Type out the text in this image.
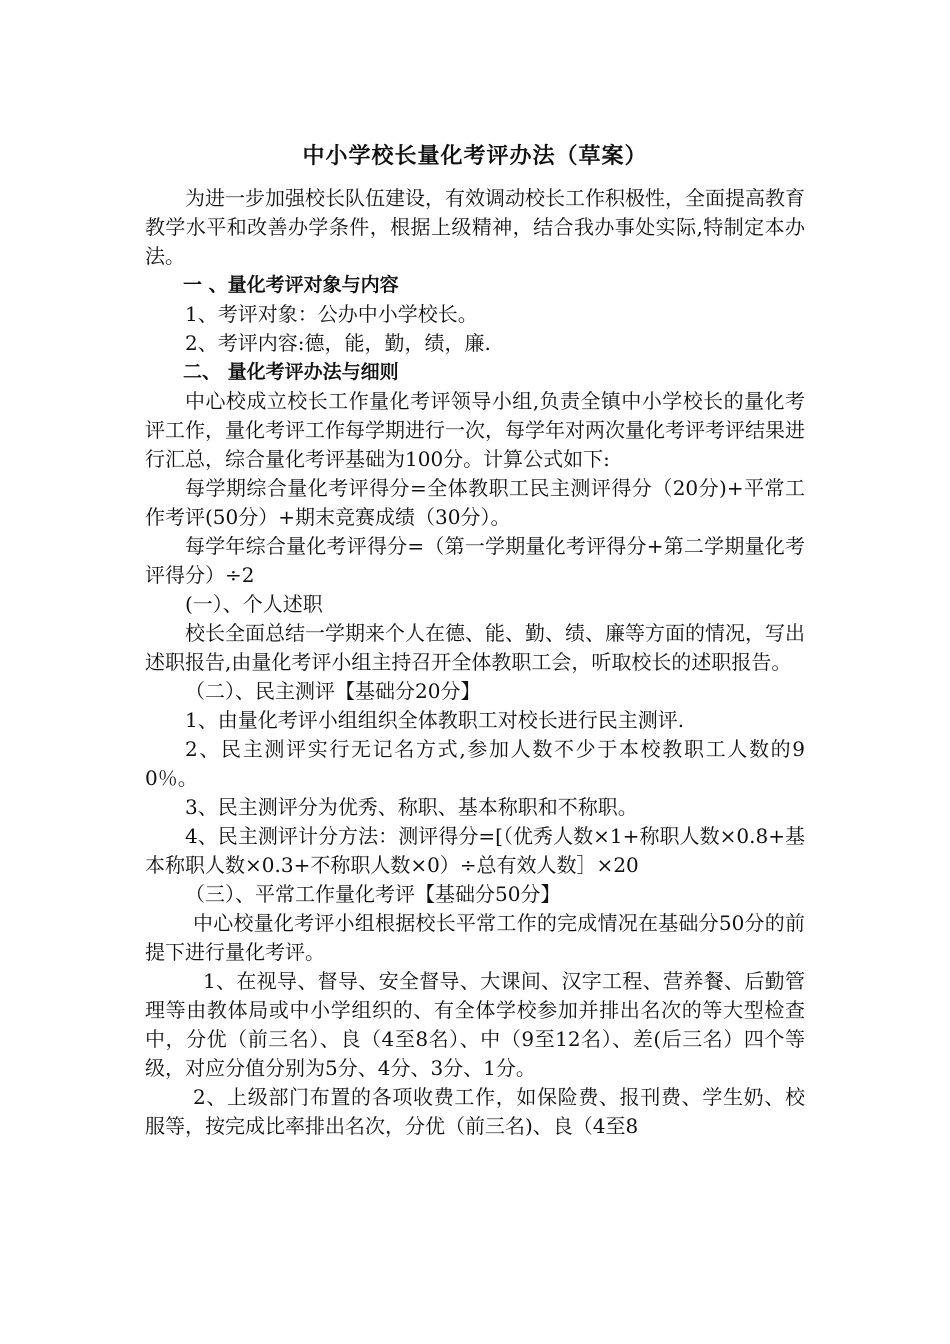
中小学校长量化考评办法（草案）

为进一步加强校长队伍建设，有效调动校长工作积极性，全面提高教育教学水平和改善办学条件，根据上级精神，结合我办事处实际,特制定本办法。

一 、量化考评对象与内容

1、考评对象：公办中小学校长。

2、考评内容:德，能，勤，绩，廉.

二、 量化考评办法与细则

中心校成立校长工作量化考评领导小组,负责全镇中小学校长的量化考评工作，量化考评工作每学期进行一次，每学年对两次量化考评考评结果进行汇总，综合量化考评基础为100分。计算公式如下:

每学期综合量化考评得分=全体教职工民主测评得分（20分)+平常工作考评(50分）+期末竞赛成绩（30分）。

每学年综合量化考评得分=（第一学期量化考评得分+第二学期量化考评得分）÷2

(一）、个人述职

校长全面总结一学期来个人在德、能、勤、绩、廉等方面的情况，写出述职报告,由量化考评小组主持召开全体教职工会，听取校长的述职报告。

（二）、民主测评【基础分20分】

1、由量化考评小组组织全体教职工对校长进行民主测评.

2、民主测评实行无记名方式,参加人数不少于本校教职工人数的90％。

3、民主测评分为优秀、称职、基本称职和不称职。

4、民主测评计分方法：测评得分=[（优秀人数×1+称职人数×0.8+基本称职人数×0.3+不称职人数×0）÷总有效人数］×20

（三）、平常工作量化考评【基础分50分】

中心校量化考评小组根据校长平常工作的完成情况在基础分50分的前提下进行量化考评。

1、在视导、督导、安全督导、大课间、汉字工程、营养餐、后勤管理等由教体局或中小学组织的、有全体学校参加并排出名次的等大型检查中，分优（前三名）、良（4至8名）、中（9至12名）、差(后三名）四个等级，对应分值分别为5分、4分、3分、1分。

2、上级部门布置的各项收费工作，如保险费、报刊费、学生奶、校服等，按完成比率排出名次，分优（前三名)、良（4至8
